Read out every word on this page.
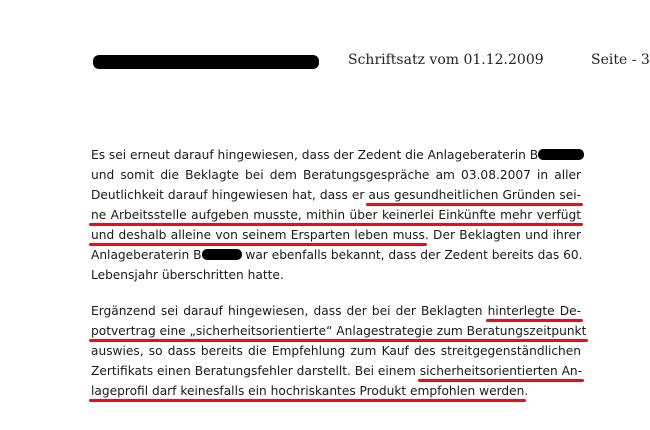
Schriftsatz vom 01.12.2009	Seite - 3
Es sei erneut darauf hingewiesen, dass der Zedent die Anlageberaterin B
und somit die Beklagte bei dem Beratungsgespräche am 03.08.2007 in aller
Deutlichkeit darauf hingewiesen hat, dass er aus gesundheitlichen Gründen sei-
ne Arbeitsstelle aufgeben musste, mithin über keinerlei Einkünfte mehr verfügt
und deshalb alleine von seinem Ersparten leben muss. Der Beklagten und ihrer
Anlageberaterin B	war ebenfalls bekannt, dass der Zedent bereits das 60.
Lebensjahr überschritten hatte.
Ergänzend sei darauf hingewiesen, dass der bei der Beklagten hinterlegte De-
potvertrag eine „sicherheitsorientierte“ Anlagestrategie zum Beratungszeitpunkt
auswies, so dass bereits die Empfehlung zum Kauf des streitgegenständlichen
Zertifikats einen Beratungsfehler darstellt. Bei einem sicherheitsorientierten An-
lageprofil darf keinesfalls ein hochriskantes Produkt empfohlen werden.
